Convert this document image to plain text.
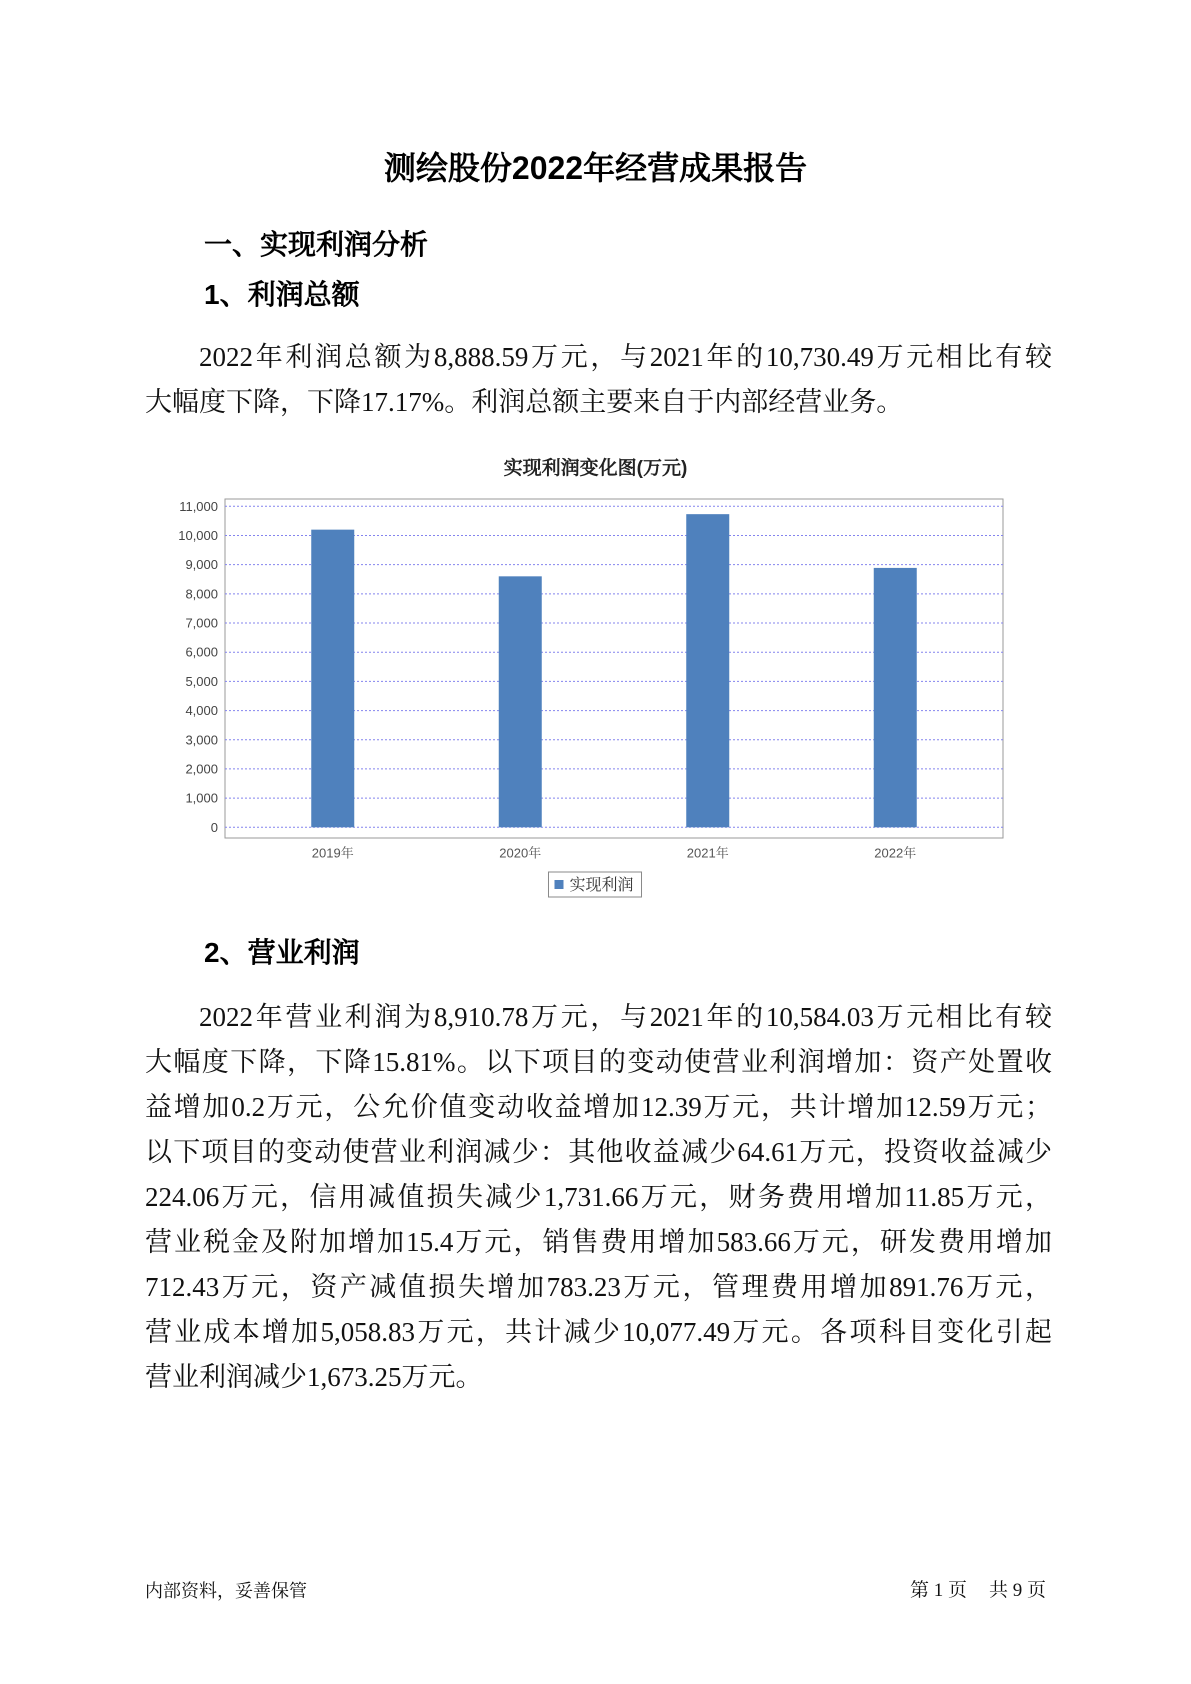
测绘股份2022年经营成果报告
一、实现利润分析
1、利润总额
2022年利润总额为8,888.59万元，与2021年的10,730.49万元相比有较
大幅度下降，下降17.17%。利润总额主要来自于内部经营业务。
实现利润变化图(万元)
0
1,000
2,000
3,000
4,000
5,000
6,000
7,000
8,000
9,000
10,000
11,000
2019年	2020年	2021年	2022年
实现利润
2、营业利润
2022年营业利润为8,910.78万元，与2021年的10,584.03万元相比有较
大幅度下降，下降15.81%。以下项目的变动使营业利润增加：资产处置收
益增加0.2万元，公允价值变动收益增加12.39万元，共计增加12.59万元；
以下项目的变动使营业利润减少：其他收益减少64.61万元，投资收益减少
224.06万元，信用减值损失减少1,731.66万元，财务费用增加11.85万元，
营业税金及附加增加15.4万元，销售费用增加583.66万元，研发费用增加
712.43万元，资产减值损失增加783.23万元，管理费用增加891.76万元，
营业成本增加5,058.83万元，共计减少10,077.49万元。各项科目变化引起
营业利润减少1,673.25万元。
内部资料，妥善保管	第 1 页 共 9 页
